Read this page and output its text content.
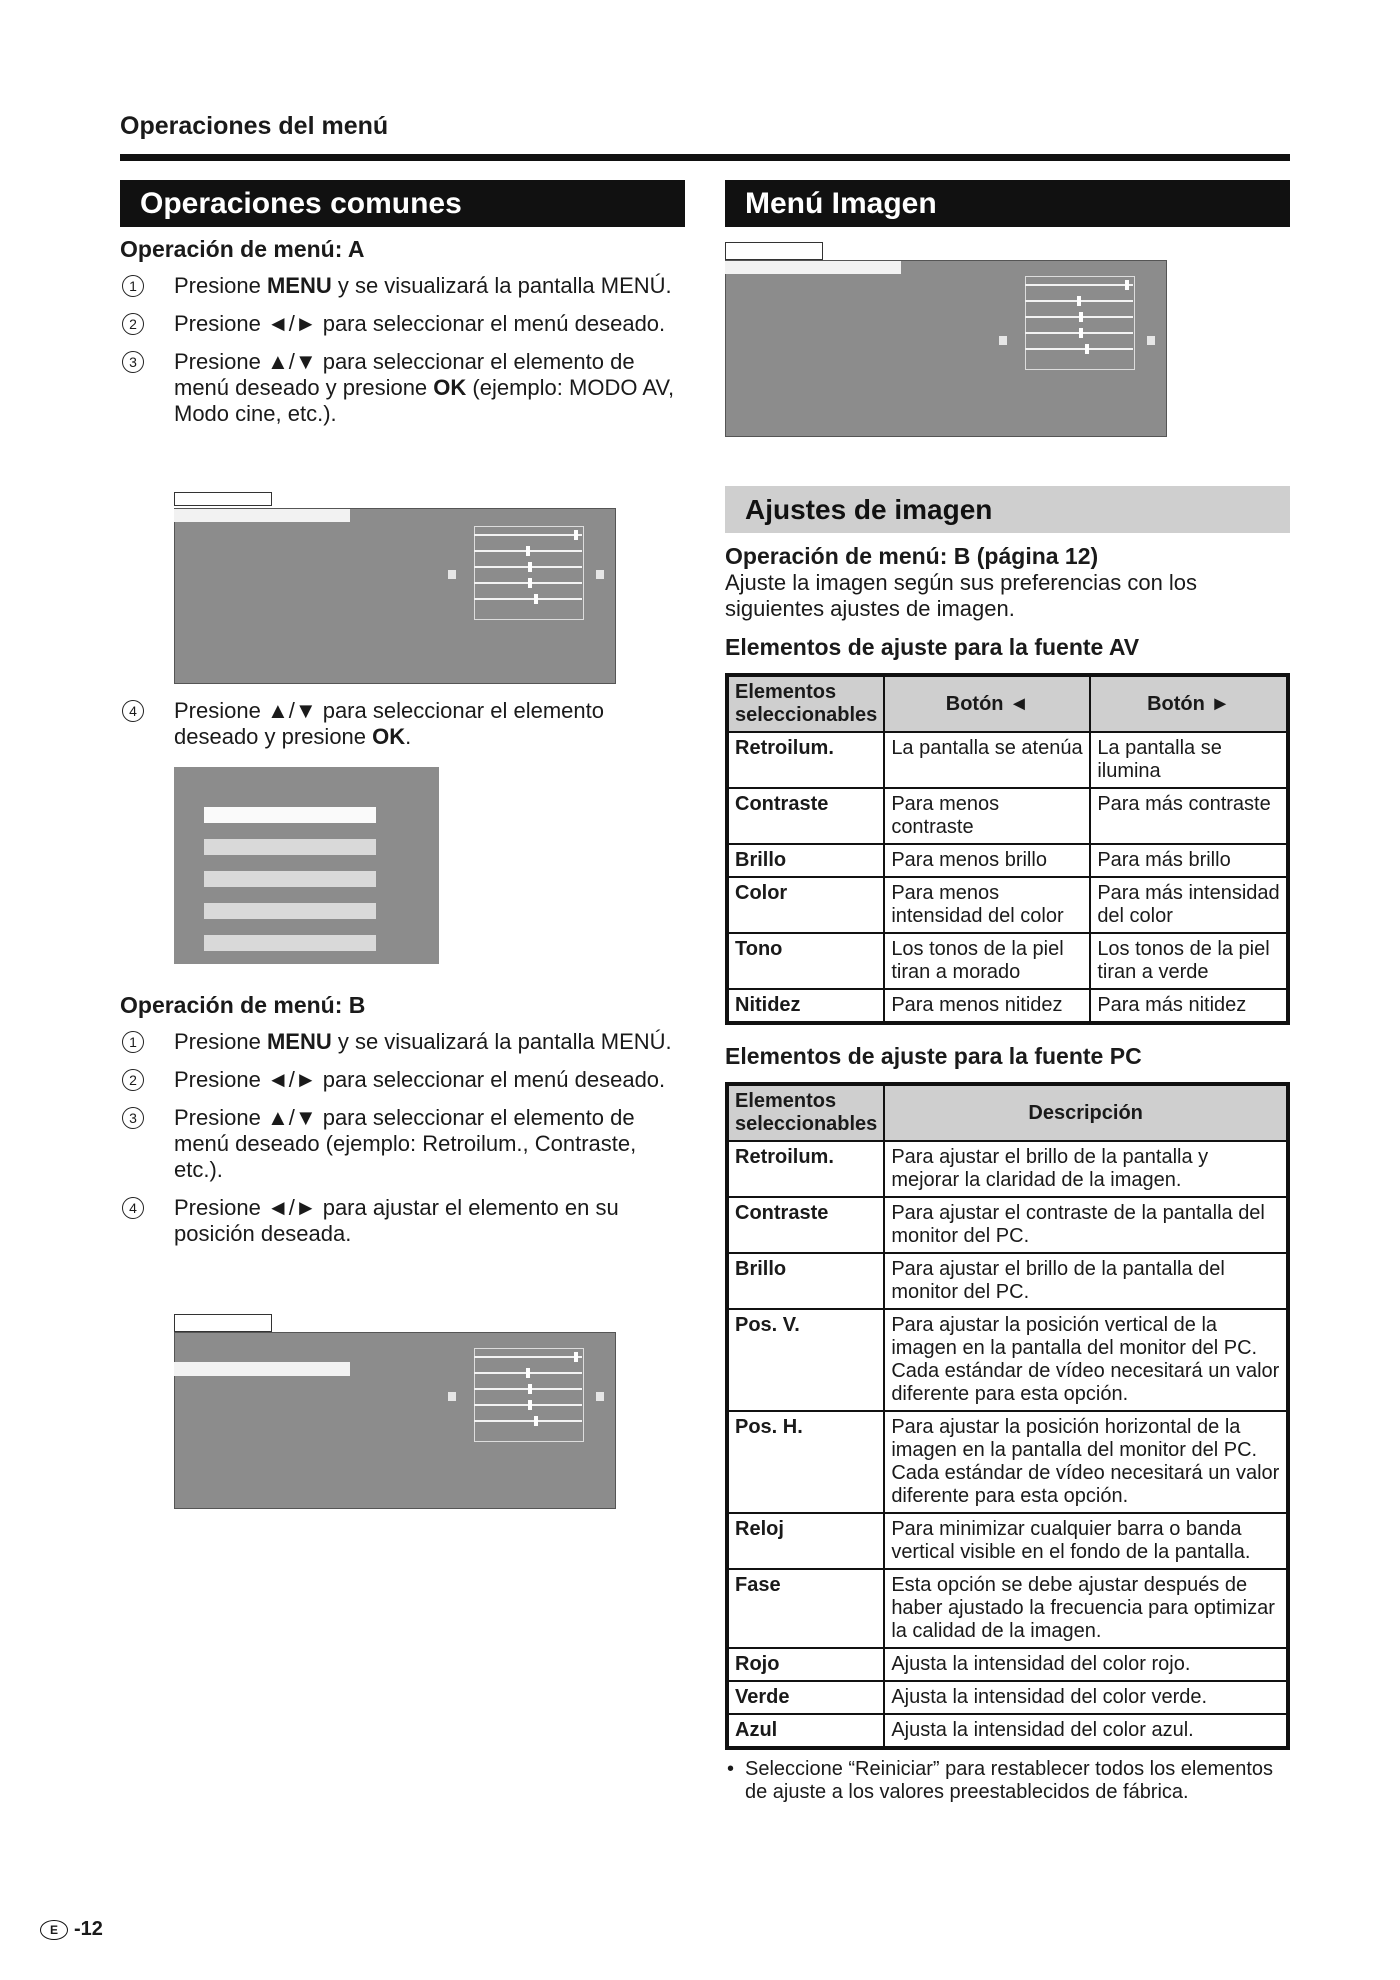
Operaciones del menú
Operaciones comunes

Operación de menú: A

1	Presione MENU y se visualizará la pantalla MENÚ.
2	Presione ◄/► para seleccionar el menú deseado.
3	Presione ▲/▼ para seleccionar el elemento de menú deseado y presione OK (ejemplo: MODO AV, Modo cine, etc.).
4	Presione ▲/▼ para seleccionar el elemento deseado y presione OK.

Operación de menú: B

1	Presione MENU y se visualizará la pantalla MENÚ.
2	Presione ◄/► para seleccionar el menú deseado.
3	Presione ▲/▼ para seleccionar el elemento de menú deseado (ejemplo: Retroilum., Contraste, etc.).
4	Presione ◄/► para ajustar el elemento en su posición deseada.
Menú Imagen
Ajustes de imagen

Operación de menú: B (página 12)

Ajuste la imagen según sus preferencias con los siguientes ajustes de imagen.

Elementos de ajuste para la fuente AV

Elementos seleccionables	Botón ◄	Botón ►
Retroilum.	La pantalla se atenúa	La pantalla se ilumina
Contraste	Para menos contraste	Para más contraste
Brillo	Para menos brillo	Para más brillo
Color	Para menos intensidad del color	Para más intensidad del color
Tono	Los tonos de la piel tiran a morado	Los tonos de la piel tiran a verde
Nitidez	Para menos nitidez	Para más nitidez

Elementos de ajuste para la fuente PC

Elementos seleccionables	Descripción
Retroilum.	Para ajustar el brillo de la pantalla y mejorar la claridad de la imagen.
Contraste	Para ajustar el contraste de la pantalla del monitor del PC.
Brillo	Para ajustar el brillo de la pantalla del monitor del PC.
Pos. V.	Para ajustar la posición vertical de la imagen en la pantalla del monitor del PC. Cada estándar de vídeo necesitará un valor diferente para esta opción.
Pos. H.	Para ajustar la posición horizontal de la imagen en la pantalla del monitor del PC. Cada estándar de vídeo necesitará un valor diferente para esta opción.
Reloj	Para minimizar cualquier barra o banda vertical visible en el fondo de la pantalla.
Fase	Esta opción se debe ajustar después de haber ajustado la frecuencia para optimizar la calidad de la imagen.
Rojo	Ajusta la intensidad del color rojo.
Verde	Ajusta la intensidad del color verde.
Azul	Ajusta la intensidad del color azul.
• Seleccione “Reiniciar” para restablecer todos los elementos de ajuste a los valores preestablecidos de fábrica.
E -12
